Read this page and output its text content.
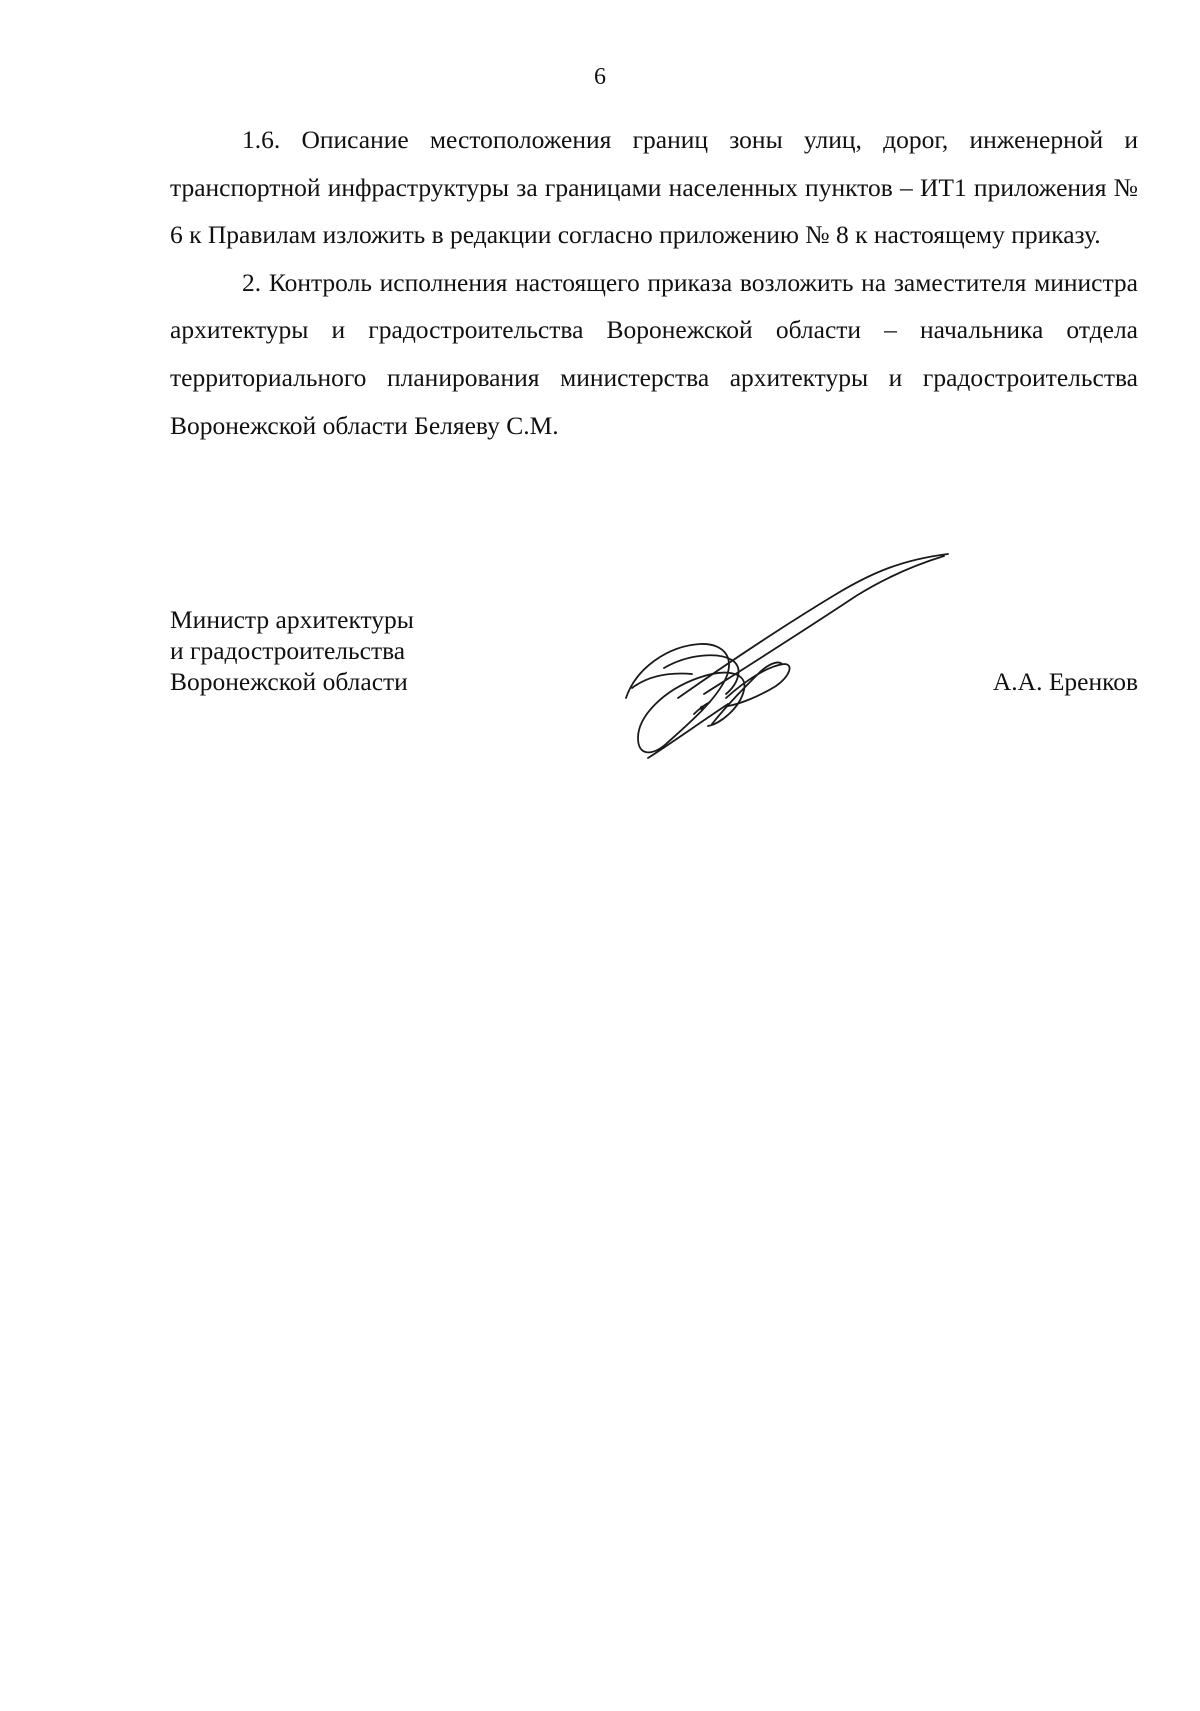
6

1.6. Описание местоположения границ зоны улиц, дорог, инженерной и транспортной инфраструктуры за границами населенных пунктов – ИТ1 приложения № 6 к Правилам изложить в редакции согласно приложению № 8 к настоящему приказу.

2. Контроль исполнения настоящего приказа возложить на заместителя министра архитектуры и градостроительства Воронежской области – начальника отдела территориального планирования министерства архитектуры и градостроительства Воронежской области Беляеву С.М.

Министр архитектуры
и градостроительства
Воронежской области	А.А. Еренков
